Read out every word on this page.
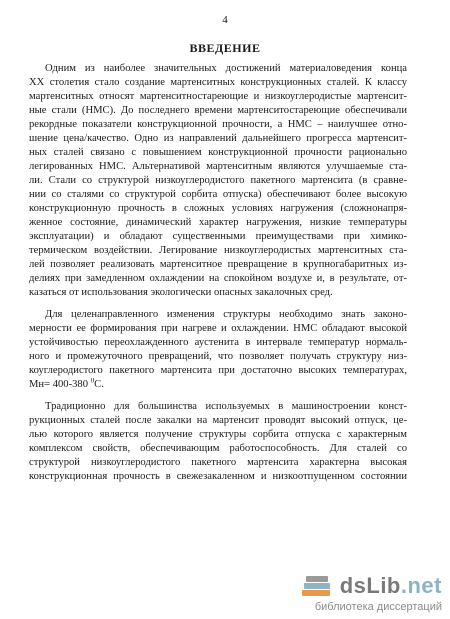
4
ВВЕДЕНИЕ
Одним из наиболее значительных достижений материаловедения конца
XX столетия стало создание мартенситных конструкционных сталей. К классу
мартенситных относят мартенситностареющие и низкоуглеродистые мартенсит-
ные стали (НМС). До последнего времени мартенситостареющие обеспечивали
рекордные показатели конструкционной прочности, а НМС – наилучшее отно-
шение цена/качество. Одно из направлений дальнейшего прогресса мартенсит-
ных сталей связано с повышением конструкционной прочности рационально
легированных НМС. Альтернативой мартенситным являются улучшаемые ста-
ли. Стали со структурой низкоуглеродистого пакетного мартенсита (в сравне-
нии со сталями со структурой сорбита отпуска) обеспечивают более высокую
конструкционную прочность в сложных условиях нагружения (сложнонапря-
женное состояние, динамический характер нагружения, низкие температуры
эксплуатации) и обладают существенными преимуществами при химико-
термическом воздействии. Легирование низкоуглеродистых мартенситных ста-
лей позволяет реализовать мартенситное превращение в крупногабаритных из-
делиях при замедленном охлаждении на спокойном воздухе и, в результате, от-
казаться от использования экологически опасных закалочных сред.
Для целенаправленного изменения структуры необходимо знать законо-
мерности ее формирования при нагреве и охлаждении. НМС обладают высокой
устойчивостью переохлажденного аустенита в интервале температур нормаль-
ного и промежуточного превращений, что позволяет получать структуру низ-
коуглеродистого пакетного мартенсита при достаточно высоких температурах,
Mн= 400-380 $^0$С.
Традиционно для большинства используемых в машиностроении конст-
рукционных сталей после закалки на мартенсит проводят высокий отпуск, це-
лью которого является получение структуры сорбита отпуска с характерным
комплексом свойств, обеспечивающим работоспособность. Для сталей со
структурой низкоуглеродистого пакетного мартенсита характерна высокая
конструкционная прочность в свежезакаленном и низкоотпущенном состоянии
dsLib.net
библиотека диссертаций
